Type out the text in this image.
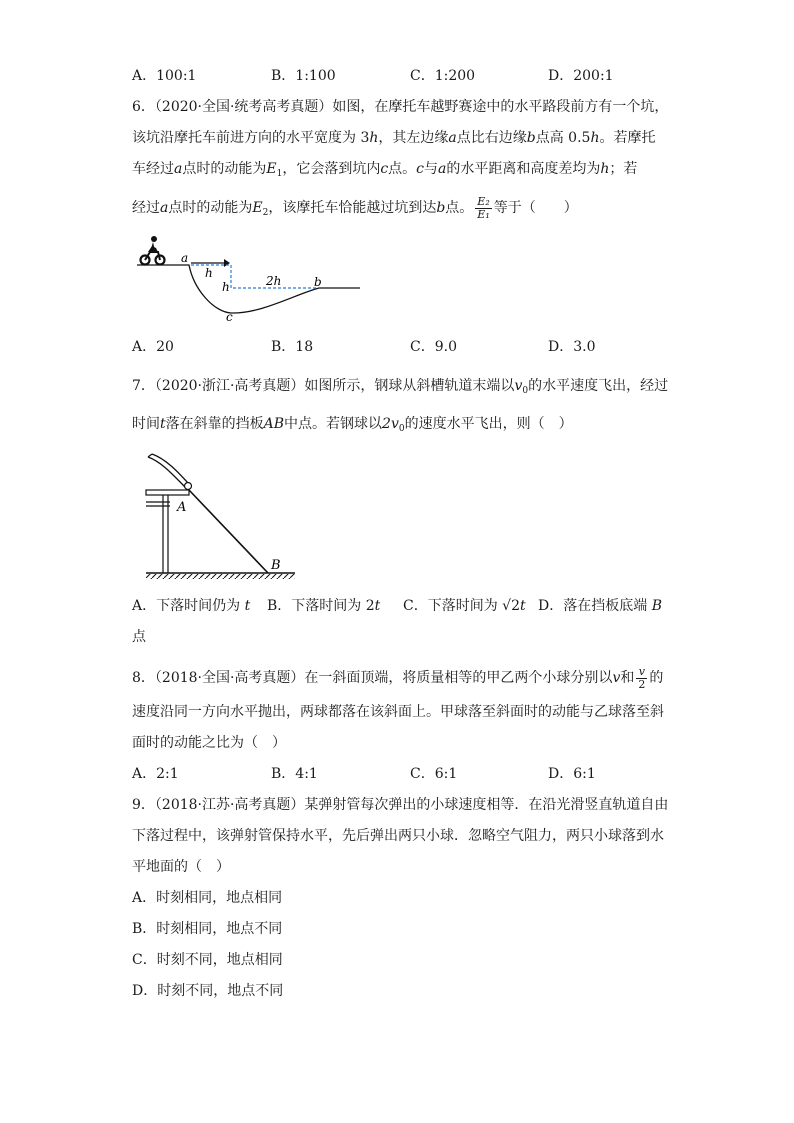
A．100:1	B．1:100	C．1:200	D．200:1
6．（2020·全国·统考高考真题）如图，在摩托车越野赛途中的水平路段前方有一个坑，
该坑沿摩托车前进方向的水平宽度为 3h，其左边缘a点比右边缘b点高 0.5h。若摩托
车经过a点时的动能为$E_1$，它会落到坑内c点。c与a的水平距离和高度差均为h；若
经过a点时的动能为$E_2$，该摩托车恰能越过坑到达b点。 $\frac{\text{E₂}}{\text{E₁}}$ 等于（　　）
a
h
h	2h	b
c
A．20	B．18	C．9.0	D．3.0
7．（2020·浙江·高考真题）如图所示，钢球从斜槽轨道末端以$v_0$的水平速度飞出，经过
时间t落在斜靠的挡板AB中点。若钢球以$2v_0$的速度水平飞出，则（　）
A
B
A．下落时间仍为 t B．下落时间为 2t C．下落时间为 √2t D．落在挡板底端 B
点
8．（2018·全国·高考真题）在一斜面顶端，将质量相等的甲乙两个小球分别以v和 $\frac{v}{2}$ 的
速度沿同一方向水平抛出，两球都落在该斜面上。甲球落至斜面时的动能与乙球落至斜
面时的动能之比为（　）
A．2:1	B．4:1	C．6:1	D．6:1
9．（2018·江苏·高考真题）某弹射管每次弹出的小球速度相等．在沿光滑竖直轨道自由
下落过程中，该弹射管保持水平，先后弹出两只小球．忽略空气阻力，两只小球落到水
平地面的（　）
A．时刻相同，地点相同
B．时刻相同，地点不同
C．时刻不同，地点相同
D．时刻不同，地点不同
